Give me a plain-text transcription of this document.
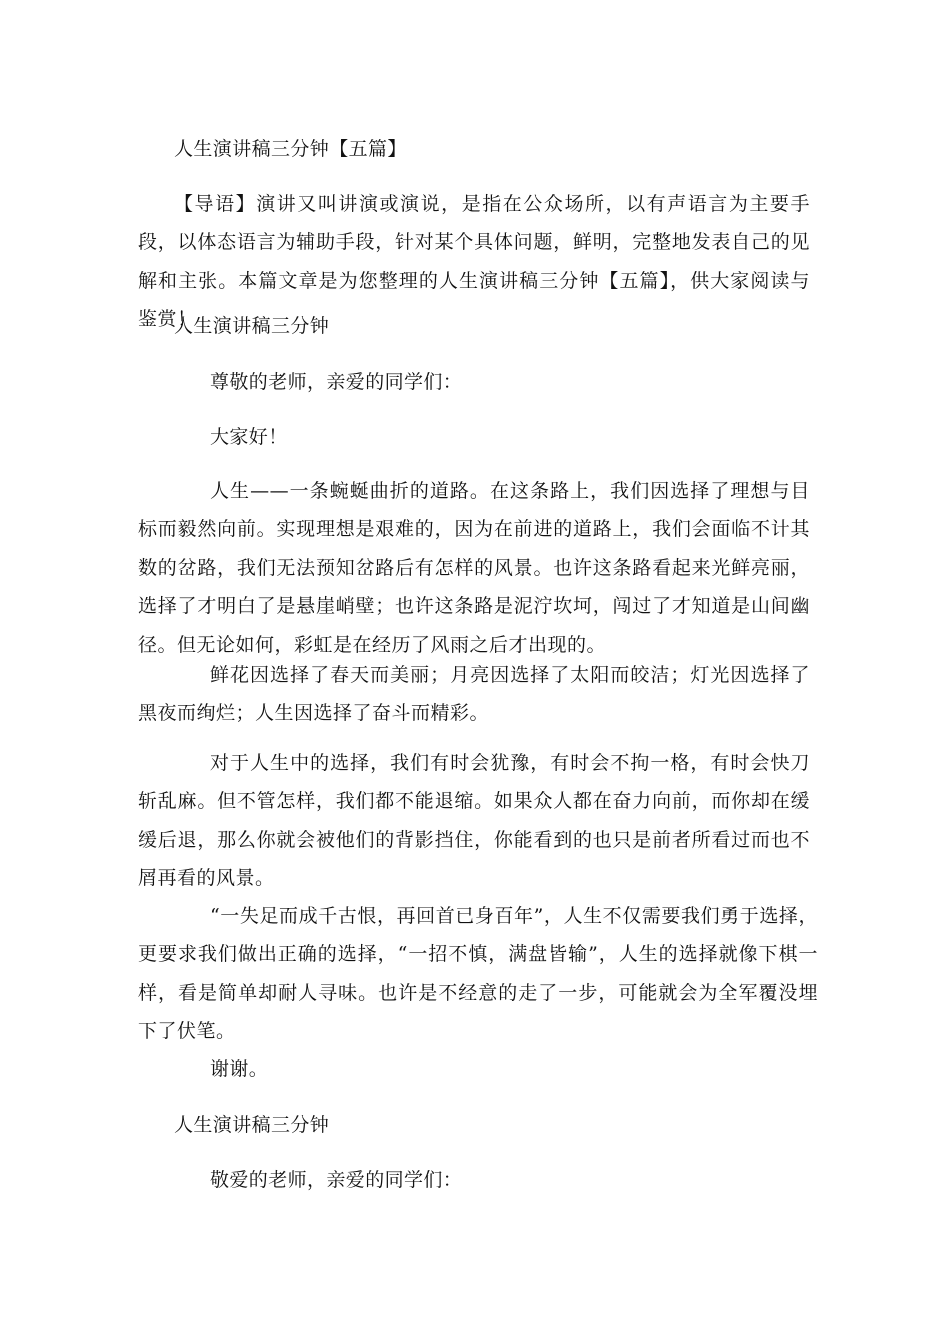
人生演讲稿三分钟【五篇】

【导语】演讲又叫讲演或演说，是指在公众场所，以有声语言为主要手段，以体态语言为辅助手段，针对某个具体问题，鲜明，完整地发表自己的见解和主张。本篇文章是为您整理的人生演讲稿三分钟【五篇】，供大家阅读与鉴赏！

人生演讲稿三分钟

尊敬的老师，亲爱的同学们：

大家好！

人生——一条蜿蜒曲折的道路。在这条路上，我们因选择了理想与目标而毅然向前。实现理想是艰难的，因为在前进的道路上，我们会面临不计其数的岔路，我们无法预知岔路后有怎样的风景。也许这条路看起来光鲜亮丽，选择了才明白了是悬崖峭壁；也许这条路是泥泞坎坷，闯过了才知道是山间幽径。但无论如何，彩虹是在经历了风雨之后才出现的。

鲜花因选择了春天而美丽；月亮因选择了太阳而皎洁；灯光因选择了黑夜而绚烂；人生因选择了奋斗而精彩。

对于人生中的选择，我们有时会犹豫，有时会不拘一格，有时会快刀斩乱麻。但不管怎样，我们都不能退缩。如果众人都在奋力向前，而你却在缓缓后退，那么你就会被他们的背影挡住，你能看到的也只是前者所看过而也不屑再看的风景。

“一失足而成千古恨，再回首已身百年”，人生不仅需要我们勇于选择，更要求我们做出正确的选择，“一招不慎，满盘皆输”，人生的选择就像下棋一样，看是简单却耐人寻味。也许是不经意的走了一步，可能就会为全军覆没埋下了伏笔。

谢谢。

人生演讲稿三分钟

敬爱的老师，亲爱的同学们：
